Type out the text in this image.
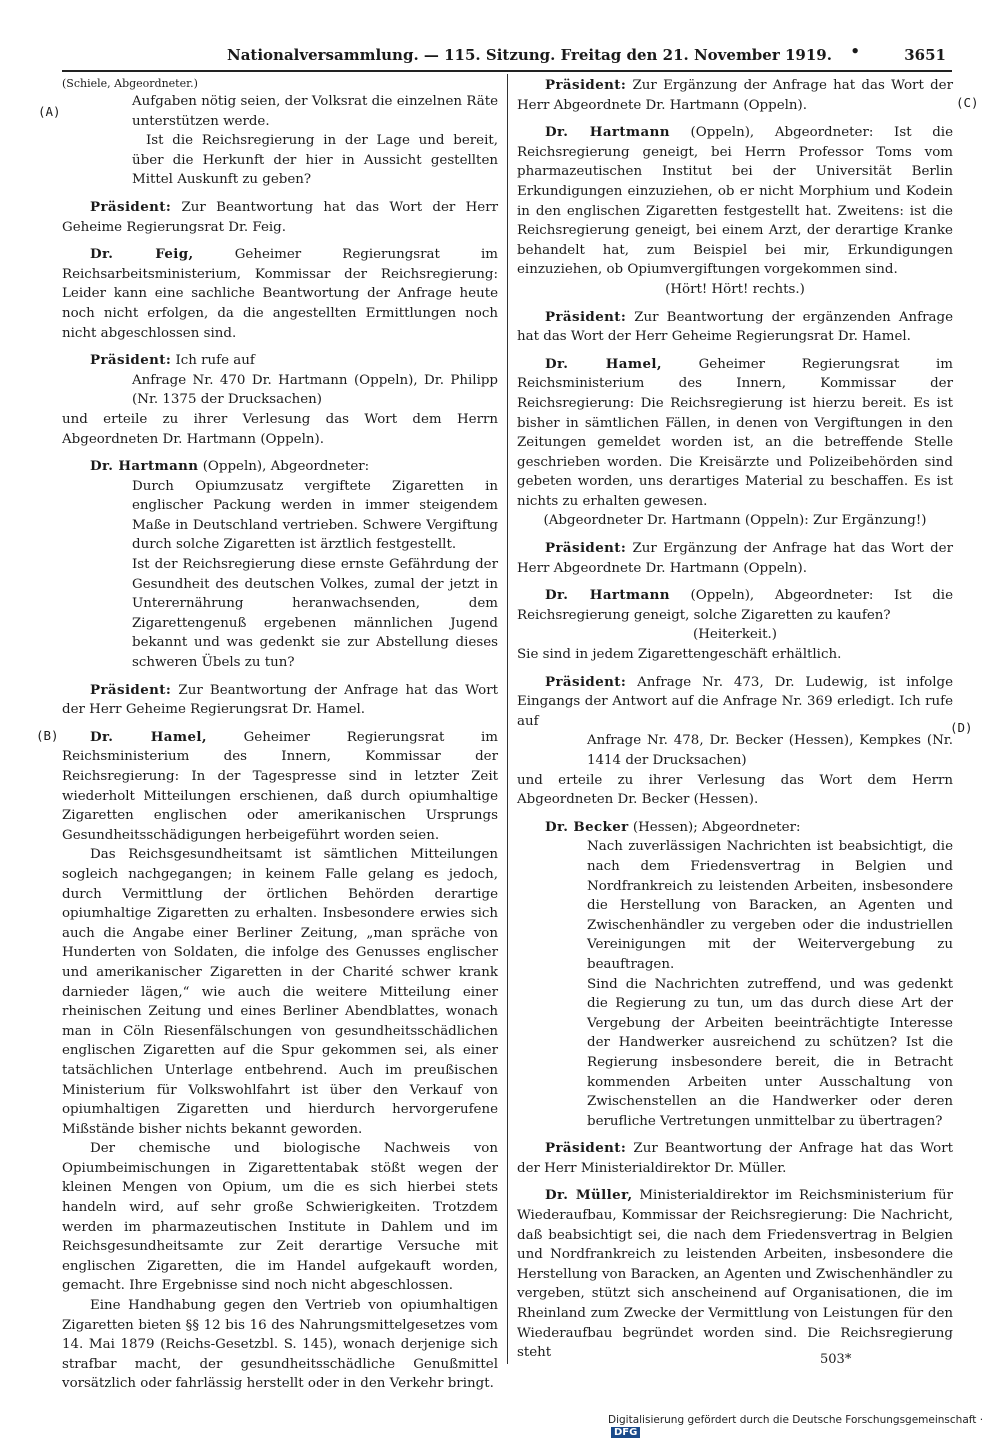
Nationalversammlung. — 115. Sitzung. Freitag den 21. November 1919. •	3651
(A)
(B)
(C)
(D)

(Schiele, Abgeordneter.)

Aufgaben nötig seien, der Volksrat die einzelnen Räte unterstützen werde.

Ist die Reichsregierung in der Lage und bereit, über die Herkunft der hier in Aussicht gestellten Mittel Auskunft zu geben?

Präsident: Zur Beantwortung hat das Wort der Herr Geheime Regierungsrat Dr. Feig.

Dr. Feig, Geheimer Regierungsrat im Reichsarbeitsministerium, Kommissar der Reichsregierung: Leider kann eine sachliche Beantwortung der Anfrage heute noch nicht erfolgen, da die angestellten Ermittlungen noch nicht abgeschlossen sind.

Präsident: Ich rufe auf

Anfrage Nr. 470 Dr. Hartmann (Oppeln), Dr. Philipp (Nr. 1375 der Drucksachen)

und erteile zu ihrer Verlesung das Wort dem Herrn Abgeordneten Dr. Hartmann (Oppeln).

Dr. Hartmann (Oppeln), Abgeordneter:

Durch Opiumzusatz vergiftete Zigaretten in englischer Packung werden in immer steigendem Maße in Deutschland vertrieben. Schwere Vergiftung durch solche Zigaretten ist ärztlich festgestellt.

Ist der Reichsregierung diese ernste Gefährdung der Gesundheit des deutschen Volkes, zumal der jetzt in Unterernährung heranwachsenden, dem Zigarettengenuß ergebenen männlichen Jugend bekannt und was gedenkt sie zur Abstellung dieses schweren Übels zu tun?

Präsident: Zur Beantwortung der Anfrage hat das Wort der Herr Geheime Regierungsrat Dr. Hamel.

Dr. Hamel, Geheimer Regierungsrat im Reichsministerium des Innern, Kommissar der Reichsregierung: In der Tagespresse sind in letzter Zeit wiederholt Mitteilungen erschienen, daß durch opiumhaltige Zigaretten englischen oder amerikanischen Ursprungs Gesundheitsschädigungen herbeigeführt worden seien.

Das Reichsgesundheitsamt ist sämtlichen Mitteilungen sogleich nachgegangen; in keinem Falle gelang es jedoch, durch Vermittlung der örtlichen Behörden derartige opiumhaltige Zigaretten zu erhalten. Insbesondere erwies sich auch die Angabe einer Berliner Zeitung, „man spräche von Hunderten von Soldaten, die infolge des Genusses englischer und amerikanischer Zigaretten in der Charité schwer krank darnieder lägen,“ wie auch die weitere Mitteilung einer rheinischen Zeitung und eines Berliner Abendblattes, wonach man in Cöln Riesenfälschungen von gesundheitsschädlichen englischen Zigaretten auf die Spur gekommen sei, als einer tatsächlichen Unterlage entbehrend. Auch im preußischen Ministerium für Volkswohlfahrt ist über den Verkauf von opiumhaltigen Zigaretten und hierdurch hervorgerufene Mißstände bisher nichts bekannt geworden.

Der chemische und biologische Nachweis von Opiumbeimischungen in Zigarettentabak stößt wegen der kleinen Mengen von Opium, um die es sich hierbei stets handeln wird, auf sehr große Schwierigkeiten. Trotzdem werden im pharmazeutischen Institute in Dahlem und im Reichsgesundheitsamte zur Zeit derartige Versuche mit englischen Zigaretten, die im Handel aufgekauft worden, gemacht. Ihre Ergebnisse sind noch nicht abgeschlossen.

Eine Handhabung gegen den Vertrieb von opiumhaltigen Zigaretten bieten §§ 12 bis 16 des Nahrungsmittelgesetzes vom 14. Mai 1879 (Reichs-Gesetzbl. S. 145), wonach derjenige sich strafbar macht, der gesundheitsschädliche Genußmittel vorsätzlich oder fahrlässig herstellt oder in den Verkehr bringt.

Präsident: Zur Ergänzung der Anfrage hat das Wort der Herr Abgeordnete Dr. Hartmann (Oppeln).

Dr. Hartmann (Oppeln), Abgeordneter: Ist die Reichsregierung geneigt, bei Herrn Professor Toms vom pharmazeutischen Institut bei der Universität Berlin Erkundigungen einzuziehen, ob er nicht Morphium und Kodein in den englischen Zigaretten festgestellt hat. Zweitens: ist die Reichsregierung geneigt, bei einem Arzt, der derartige Kranke behandelt hat, zum Beispiel bei mir, Erkundigungen einzuziehen, ob Opiumvergiftungen vorgekommen sind.

(Hört! Hört! rechts.)

Präsident: Zur Beantwortung der ergänzenden Anfrage hat das Wort der Herr Geheime Regierungsrat Dr. Hamel.

Dr. Hamel, Geheimer Regierungsrat im Reichsministerium des Innern, Kommissar der Reichsregierung: Die Reichsregierung ist hierzu bereit. Es ist bisher in sämtlichen Fällen, in denen von Vergiftungen in den Zeitungen gemeldet worden ist, an die betreffende Stelle geschrieben worden. Die Kreisärzte und Polizeibehörden sind gebeten worden, uns derartiges Material zu beschaffen. Es ist nichts zu erhalten gewesen.

(Abgeordneter Dr. Hartmann (Oppeln): Zur Ergänzung!)

Präsident: Zur Ergänzung der Anfrage hat das Wort der Herr Abgeordnete Dr. Hartmann (Oppeln).

Dr. Hartmann (Oppeln), Abgeordneter: Ist die Reichsregierung geneigt, solche Zigaretten zu kaufen?

(Heiterkeit.)

Sie sind in jedem Zigarettengeschäft erhältlich.

Präsident: Anfrage Nr. 473, Dr. Ludewig, ist infolge Eingangs der Antwort auf die Anfrage Nr. 369 erledigt. Ich rufe auf

Anfrage Nr. 478, Dr. Becker (Hessen), Kempkes (Nr. 1414 der Drucksachen)

und erteile zu ihrer Verlesung das Wort dem Herrn Abgeordneten Dr. Becker (Hessen).

Dr. Becker (Hessen); Abgeordneter:

Nach zuverlässigen Nachrichten ist beabsichtigt, die nach dem Friedensvertrag in Belgien und Nordfrankreich zu leistenden Arbeiten, insbesondere die Herstellung von Baracken, an Agenten und Zwischenhändler zu vergeben oder die industriellen Vereinigungen mit der Weitervergebung zu beauftragen.

Sind die Nachrichten zutreffend, und was gedenkt die Regierung zu tun, um das durch diese Art der Vergebung der Arbeiten beeinträchtigte Interesse der Handwerker ausreichend zu schützen? Ist die Regierung insbesondere bereit, die in Betracht kommenden Arbeiten unter Ausschaltung von Zwischenstellen an die Handwerker oder deren berufliche Vertretungen unmittelbar zu übertragen?

Präsident: Zur Beantwortung der Anfrage hat das Wort der Herr Ministerialdirektor Dr. Müller.

Dr. Müller, Ministerialdirektor im Reichsministerium für Wiederaufbau, Kommissar der Reichsregierung: Die Nachricht, daß beabsichtigt sei, die nach dem Friedensvertrag in Belgien und Nordfrankreich zu leistenden Arbeiten, insbesondere die Herstellung von Baracken, an Agenten und Zwischenhändler zu vergeben, stützt sich anscheinend auf Organisationen, die im Rheinland zum Zwecke der Vermittlung von Leistungen für den Wiederaufbau begründet worden sind. Die Reichsregierung steht	503*
Digitalisierung gefördert durch die Deutsche Forschungsgemeinschaft ·DFG
